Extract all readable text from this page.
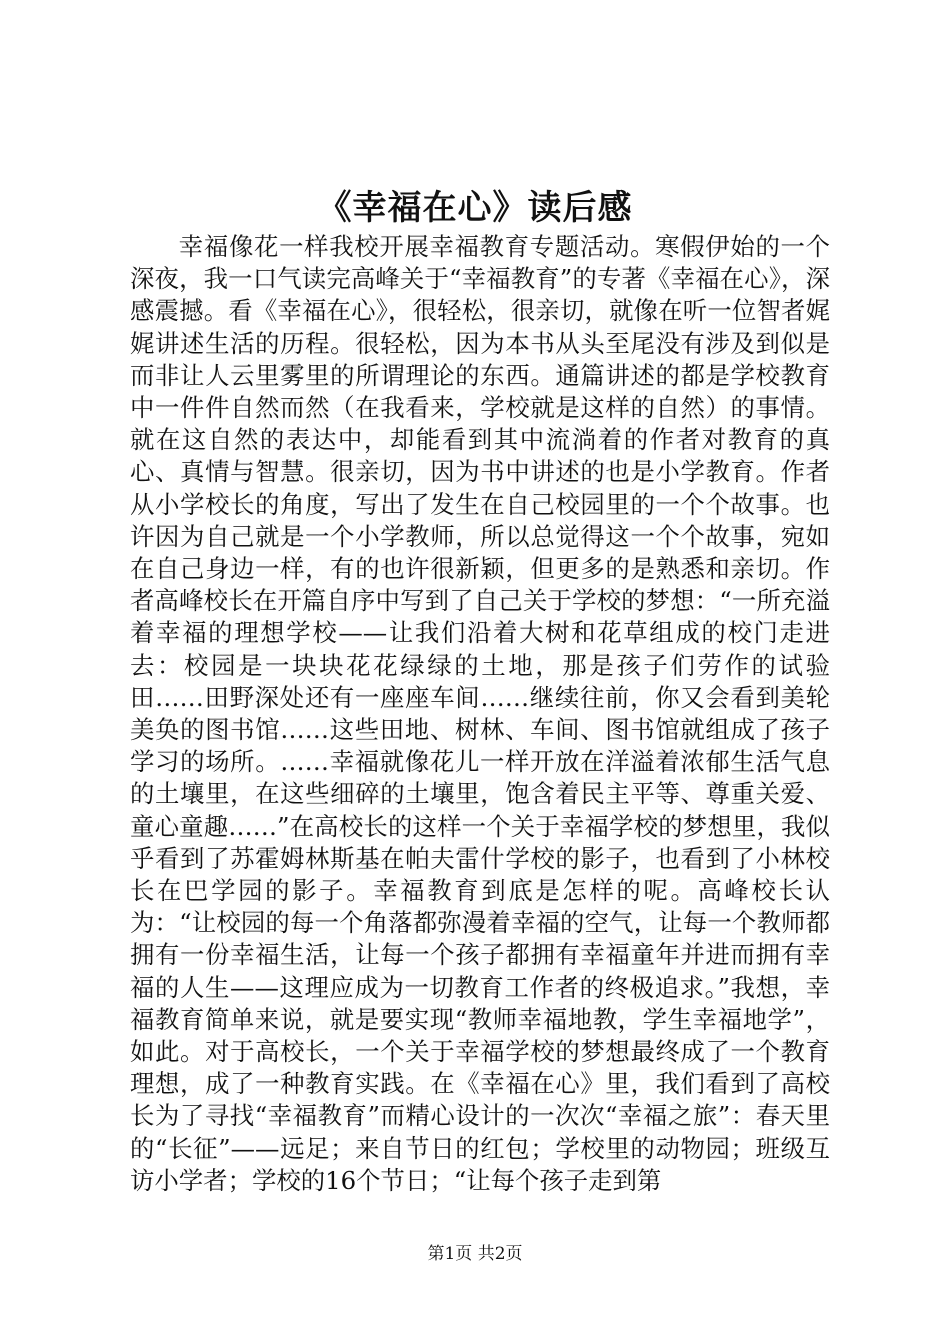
《幸福在心》读后感

幸福像花一样我校开展幸福教育专题活动。寒假伊始的一个深夜，我一口气读完高峰关于“幸福教育”的专著《幸福在心》，深感震撼。看《幸福在心》，很轻松，很亲切，就像在听一位智者娓娓讲述生活的历程。很轻松，因为本书从头至尾没有涉及到似是而非让人云里雾里的所谓理论的东西。通篇讲述的都是学校教育中一件件自然而然（在我看来，学校就是这样的自然）的事情。就在这自然的表达中，却能看到其中流淌着的作者对教育的真心、真情与智慧。很亲切，因为书中讲述的也是小学教育。作者从小学校长的角度，写出了发生在自己校园里的一个个故事。也许因为自己就是一个小学教师，所以总觉得这一个个故事，宛如在自己身边一样，有的也许很新颖，但更多的是熟悉和亲切。作者高峰校长在开篇自序中写到了自己关于学校的梦想：“一所充溢着幸福的理想学校——让我们沿着大树和花草组成的校门走进去：校园是一块块花花绿绿的土地，那是孩子们劳作的试验田……田野深处还有一座座车间……继续往前，你又会看到美轮美奂的图书馆……这些田地、树林、车间、图书馆就组成了孩子学习的场所。……幸福就像花儿一样开放在洋溢着浓郁生活气息的土壤里，在这些细碎的土壤里，饱含着民主平等、尊重关爱、童心童趣……”在高校长的这样一个关于幸福学校的梦想里，我似乎看到了苏霍姆林斯基在帕夫雷什学校的影子，也看到了小林校长在巴学园的影子。幸福教育到底是怎样的呢。高峰校长认为：“让校园的每一个角落都弥漫着幸福的空气，让每一个教师都拥有一份幸福生活，让每一个孩子都拥有幸福童年并进而拥有幸福的人生——这理应成为一切教育工作者的终极追求。”我想，幸福教育简单来说，就是要实现“教师幸福地教，学生幸福地学”，如此。对于高校长，一个关于幸福学校的梦想最终成了一个教育理想，成了一种教育实践。在《幸福在心》里，我们看到了高校长为了寻找“幸福教育”而精心设计的一次次“幸福之旅”：春天里的“长征”——远足；来自节日的红包；学校里的动物园；班级互访小学者；学校的16个节日；“让每个孩子走到第

第1页 共2页
